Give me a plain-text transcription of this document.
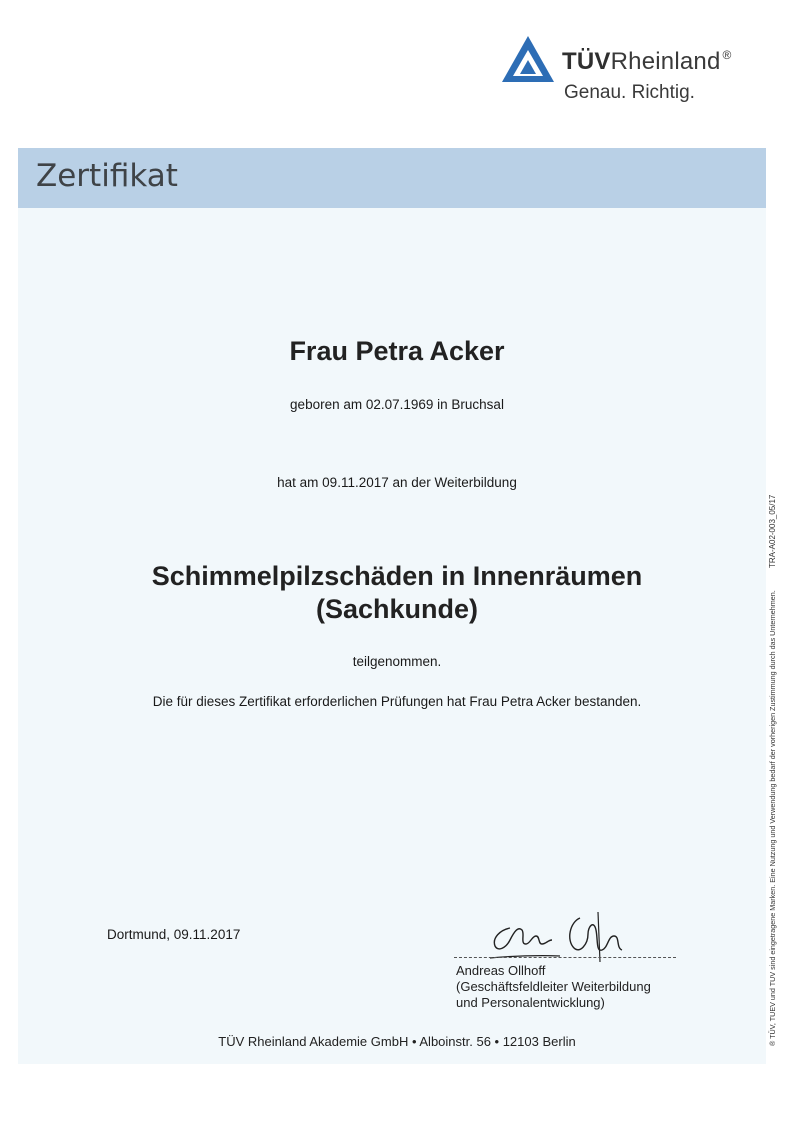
TÜVRheinland ®
Genau. Richtig.
Zertifikat
Frau Petra Acker
geboren am 02.07.1969 in Bruchsal
hat am 09.11.2017 an der Weiterbildung
Schimmelpilzschäden in Innenräumen
(Sachkunde)
teilgenommen.
Die für dieses Zertifikat erforderlichen Prüfungen hat Frau Petra Acker bestanden.
Dortmund, 09.11.2017
Andreas Ollhoff
(Geschäftsfeldleiter Weiterbildung
und Personalentwicklung)
TÜV Rheinland Akademie GmbH • Alboinstr. 56 • 12103 Berlin
TRA-A02-003_05/17
® TÜV, TUEV und TUV sind eingetragene Marken. Eine Nutzung und Verwendung bedarf der vorherigen Zustimmung durch das Unternehmen.
